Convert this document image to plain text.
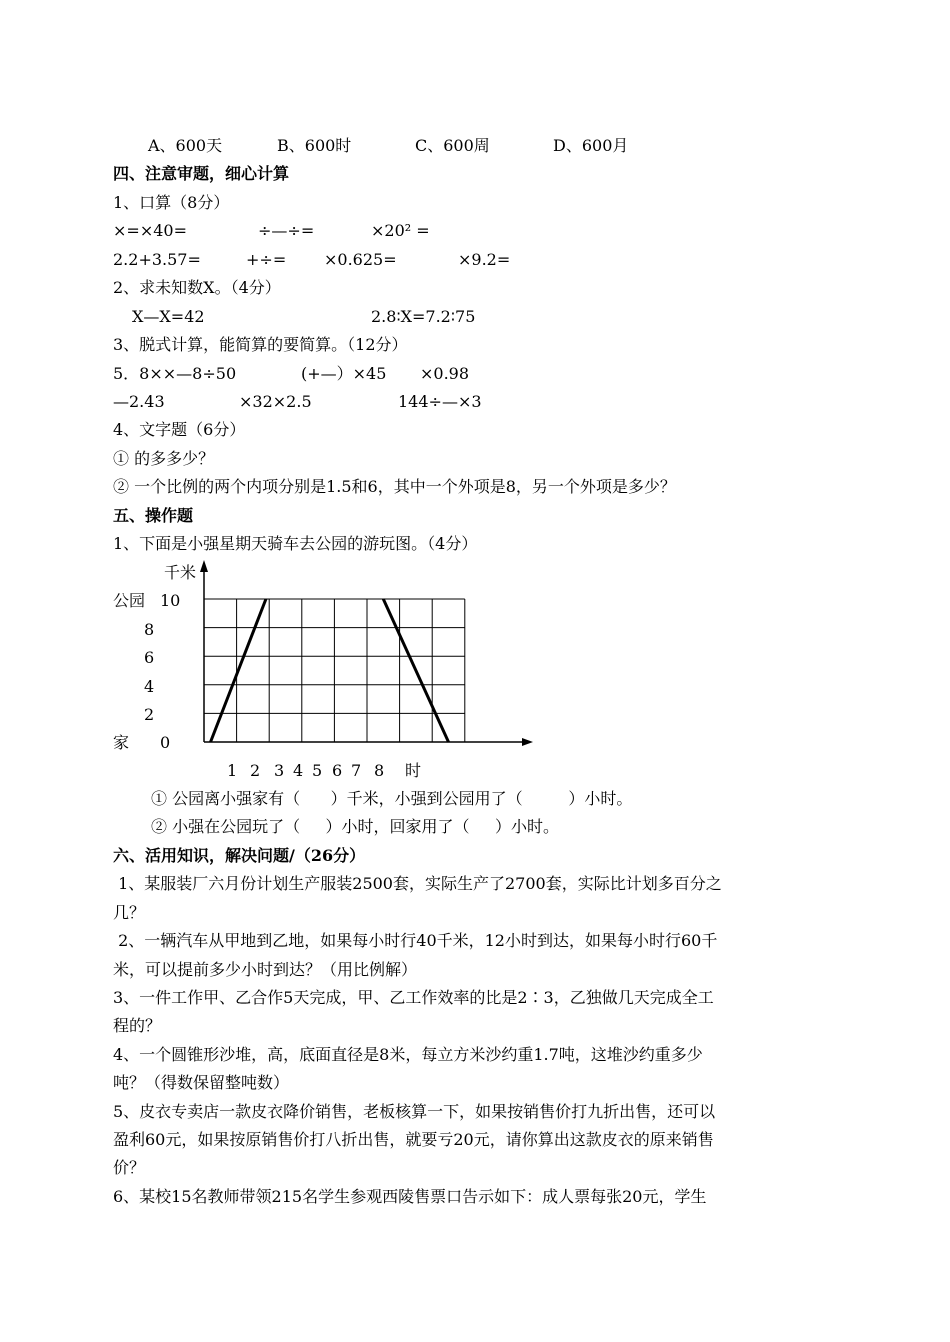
A、600天	B、600时	C、600周	D、600月
四、注意审题，细心计算
1、口算（8分）
×=×40=	÷—÷=	×20² =
2.2+3.57=	+÷= ×0.625=	×9.2=
2、求未知数X。（4分）
X—X=42	2.8∶X=7.2∶75
3、脱式计算，能简算的要简算。（12分）
5．8××—8÷50	(+—）×45 ×0.98
—2.43	×32×2.5	144÷—×3
4、文字题（6分）
① 的多多少？
② 一个比例的两个内项分别是1.5和6，其中一个外项是8，另一个外项是多少？
五、操作题
1、下面是小强星期天骑车去公园的游玩图。（4分）
千米
公园
家
10
8
6
4
2
0
1 2 3 4 5 6 7 8 时
① 公园离小强家有（      ）千米，小强到公园用了（         ）小时。
② 小强在公园玩了（     ）小时，回家用了（     ）小时。
六、活用知识，解决问题/（26分）
1、某服装厂六月份计划生产服装2500套，实际生产了2700套，实际比计划多百分之
几？
2、一辆汽车从甲地到乙地，如果每小时行40千米，12小时到达，如果每小时行60千
米，可以提前多少小时到达？（用比例解）
3、一件工作甲、乙合作5天完成，甲、乙工作效率的比是2∶3，乙独做几天完成全工
程的？
4、一个圆锥形沙堆，高，底面直径是8米，每立方米沙约重1.7吨，这堆沙约重多少
吨？（得数保留整吨数）
5、皮衣专卖店一款皮衣降价销售，老板核算一下，如果按销售价打九折出售，还可以
盈利60元，如果按原销售价打八折出售，就要亏20元，请你算出这款皮衣的原来销售
价？
6、某校15名教师带领215名学生参观西陵售票口告示如下：成人票每张20元，学生
